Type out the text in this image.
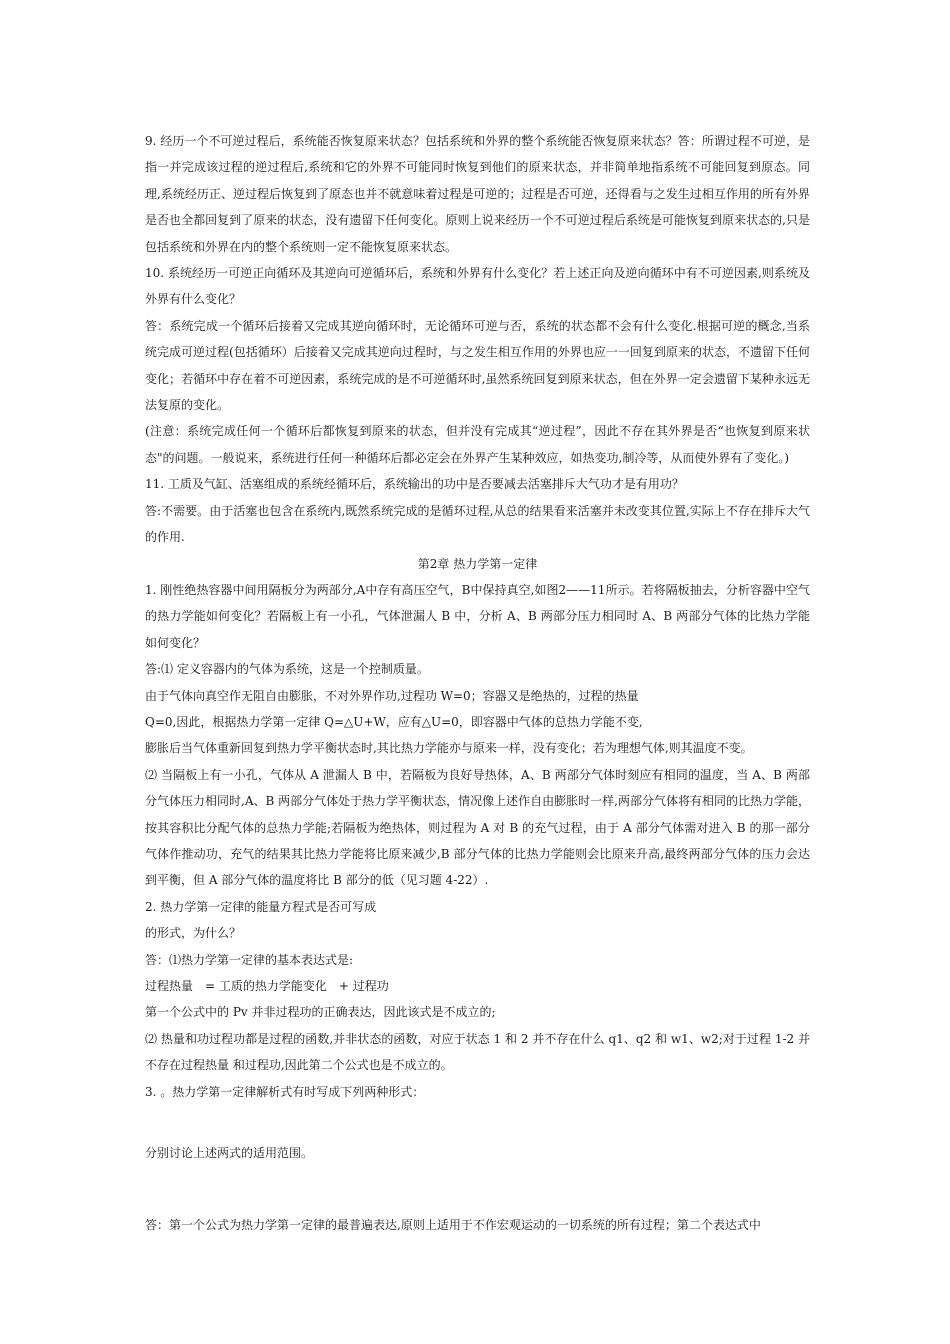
9. 经历一个不可逆过程后，系统能否恢复原来状态？包括系统和外界的整个系统能否恢复原来状态？答：所谓过程不可逆，是指一并完成该过程的逆过程后,系统和它的外界不可能同时恢复到他们的原来状态，并非简单地指系统不可能回复到原态。同理,系统经历正、逆过程后恢复到了原态也并不就意味着过程是可逆的；过程是否可逆，还得看与之发生过相互作用的所有外界是否也全都回复到了原来的状态，没有遗留下任何变化。原则上说来经历一个不可逆过程后系统是可能恢复到原来状态的,只是包括系统和外界在内的整个系统则一定不能恢复原来状态。

10. 系统经历一可逆正向循环及其逆向可逆循环后，系统和外界有什么变化？若上述正向及逆向循环中有不可逆因素,则系统及外界有什么变化？

答：系统完成一个循环后接着又完成其逆向循环时，无论循环可逆与否，系统的状态都不会有什么变化.根据可逆的概念,当系统完成可逆过程(包括循环）后接着又完成其逆向过程时，与之发生相互作用的外界也应一一回复到原来的状态，不遗留下任何变化；若循环中存在着不可逆因素，系统完成的是不可逆循环时,虽然系统回复到原来状态，但在外界一定会遗留下某种永远无法复原的变化。

(注意：系统完成任何一个循环后都恢复到原来的状态，但并没有完成其“逆过程”，因此不存在其外界是否“也恢复到原来状态"的问题。一般说来，系统进行任何一种循环后都必定会在外界产生某种效应，如热变功,制冷等，从而使外界有了变化。)

11. 工质及气缸、活塞组成的系统经循环后，系统输出的功中是否要减去活塞排斥大气功才是有用功？

答:不需要。由于活塞也包含在系统内,既然系统完成的是循环过程,从总的结果看来活塞并未改变其位置,实际上不存在排斥大气的作用.

第2章 热力学第一定律

1. 刚性绝热容器中间用隔板分为两部分,A中存有高压空气，B中保持真空,如图2——11所示。若将隔板抽去，分析容器中空气的热力学能如何变化？若隔板上有一小孔，气体泄漏人 B 中，分析 A、B 两部分压力相同时 A、B 两部分气体的比热力学能如何变化？

答:⑴ 定义容器内的气体为系统，这是一个控制质量。

由于气体向真空作无阻自由膨胀，不对外界作功,过程功 W=0；容器又是绝热的，过程的热量

Q=0,因此，根据热力学第一定律 Q=△U+W，应有△U=0，即容器中气体的总热力学能不变,

膨胀后当气体重新回复到热力学平衡状态时,其比热力学能亦与原来一样，没有变化；若为理想气体,则其温度不变。

⑵ 当隔板上有一小孔，气体从 A 泄漏人 B 中，若隔板为良好导热体，A、B 两部分气体时刻应有相同的温度，当 A、B 两部分气体压力相同时,A、B 两部分气体处于热力学平衡状态，情况像上述作自由膨胀时一样,两部分气体将有相同的比热力学能，按其容积比分配气体的总热力学能;若隔板为绝热体，则过程为 A 对 B 的充气过程，由于 A 部分气体需对进入 B 的那一部分气体作推动功，充气的结果其比热力学能将比原来减少,B 部分气体的比热力学能则会比原来升高,最终两部分气体的压力会达到平衡，但 A 部分气体的温度将比 B 部分的低（见习题 4-22）.

2. 热力学第一定律的能量方程式是否可写成

的形式，为什么？

答：⑴热力学第一定律的基本表达式是:

过程热量　= 工质的热力学能变化　+ 过程功

第一个公式中的 Pv 并非过程功的正确表达，因此该式是不成立的;

⑵ 热量和功过程功都是过程的函数,并非状态的函数，对应于状态 1 和 2 并不存在什么 q1、q2 和 w1、w2;对于过程 1-2 并不存在过程热量 和过程功,因此第二个公式也是不成立的。

3. 。热力学第一定律解析式有时写成下列两种形式：

分别讨论上述两式的适用范围。

答：第一个公式为热力学第一定律的最普遍表达,原则上适用于不作宏观运动的一切系统的所有过程；第二个表达式中
